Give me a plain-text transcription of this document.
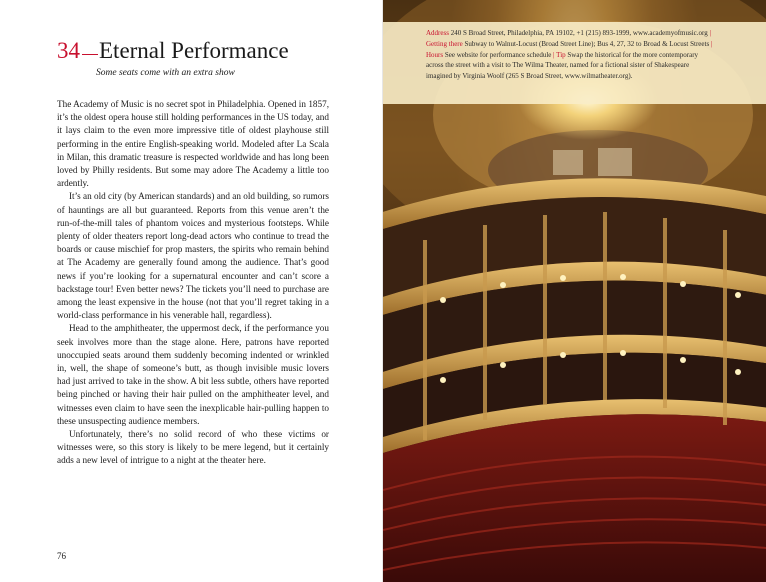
34 Eternal Performance
Some seats come with an extra show

The Academy of Music is no secret spot in Philadelphia. Opened in 1857, it’s the oldest opera house still holding performances in the US today, and it lays claim to the even more impressive title of oldest playhouse still performing in the entire English-speaking world. Modeled after La Scala in Milan, this dramatic treasure is respected worldwide and has long been loved by Philly residents. But some may adore The Academy a little too ardently.

It’s an old city (by American standards) and an old building, so rumors of hauntings are all but guaranteed. Reports from this venue aren’t the run-of-the-mill tales of phantom voices and mysterious footsteps. While plenty of older theaters report long-dead actors who continue to tread the boards or cause mischief for prop masters, the spirits who remain behind at The Academy are generally found among the audience. That’s good news if you’re looking for a supernatural encounter and can’t score a backstage tour! Even better news? The tickets you’ll need to purchase are among the least expensive in the house (not that you’ll regret taking in a world-class performance in his venerable hall, regardless).

Head to the amphitheater, the uppermost deck, if the performance you seek involves more than the stage alone. Here, patrons have reported unoccupied seats around them suddenly becoming indented or wrinkled in, well, the shape of someone’s butt, as though invisible music lovers had just arrived to take in the show. A bit less subtle, others have reported being pinched or having their hair pulled on the amphitheater level, and witnesses even claim to have seen the inexplicable hair-pulling happen to these unsuspecting audience members.

Unfortunately, there’s no solid record of who these victims or witnesses were, so this story is likely to be mere legend, but it certainly adds a new level of intrigue to a night at the theater here.

76
Address 240 S Broad Street, Philadelphia, PA 19102, +1 (215) 893-1999, www.academyofmusic.org | Getting there Subway to Walnut-Locust (Broad Street Line); Bus 4, 27, 32 to Broad & Locust Streets | Hours See website for performance schedule | Tip Swap the historical for the more contemporary across the street with a visit to The Wilma Theater, named for a fictional sister of Shakespeare imagined by Virginia Woolf (265 S Broad Street, www.wilmatheater.org).
